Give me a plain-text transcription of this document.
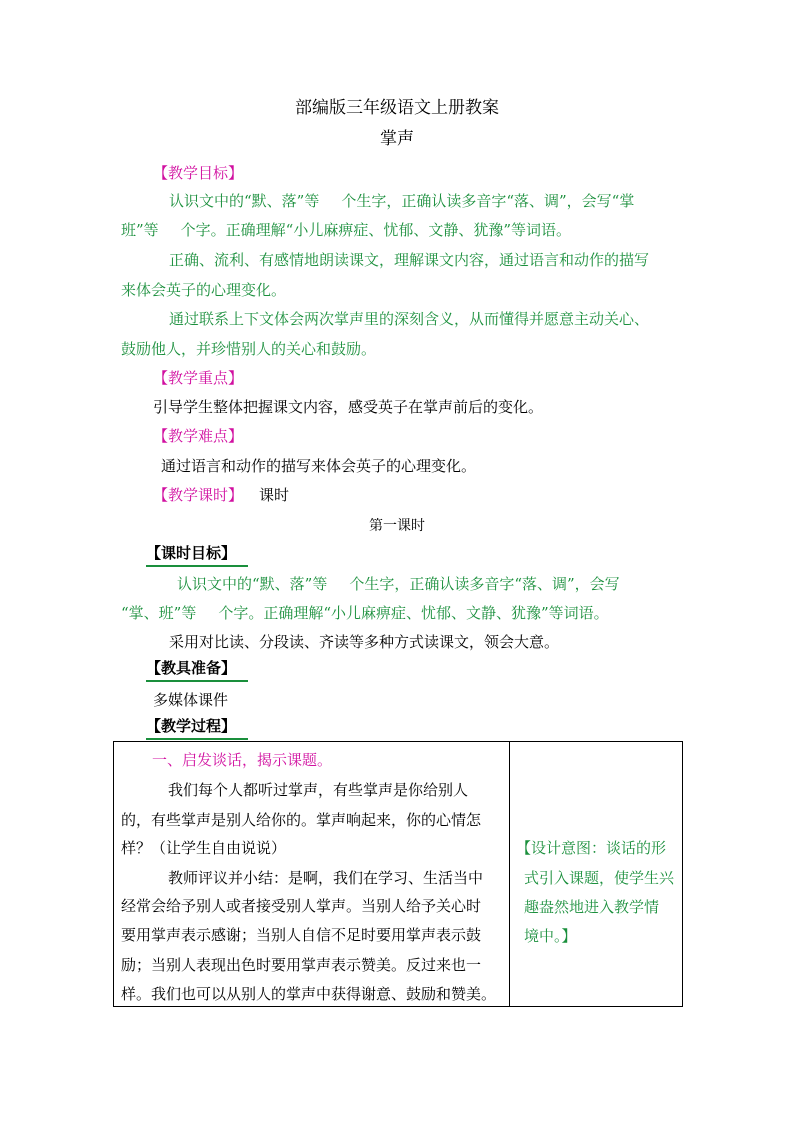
部编版三年级语文上册教案
掌声
【教学目标】
认识文中的“默、落”等 个生字，正确认读多音字“落、调”，会写“掌
班”等 个字。正确理解“小儿麻痹症、忧郁、文静、犹豫”等词语。
正确、流利、有感情地朗读课文，理解课文内容，通过语言和动作的描写
来体会英子的心理变化。
通过联系上下文体会两次掌声里的深刻含义，从而懂得并愿意主动关心、
鼓励他人，并珍惜别人的关心和鼓励。
【教学重点】
引导学生整体把握课文内容，感受英子在掌声前后的变化。
【教学难点】
通过语言和动作的描写来体会英子的心理变化。
【教学课时】 课时
第一课时
【课时目标】
认识文中的“默、落”等 个生字，正确认读多音字“落、调”，会写
“掌、班”等 个字。正确理解“小儿麻痹症、忧郁、文静、犹豫”等词语。
采用对比读、分段读、齐读等多种方式读课文，领会大意。
【教具准备】
多媒体课件
【教学过程】
一、启发谈话，揭示课题。
我们每个人都听过掌声，有些掌声是你给别人
的，有些掌声是别人给你的。掌声响起来，你的心情怎
样？（让学生自由说说）
教师评议并小结：是啊，我们在学习、生活当中
经常会给予别人或者接受别人掌声。当别人给予关心时
要用掌声表示感谢；当别人自信不足时要用掌声表示鼓
励；当别人表现出色时要用掌声表示赞美。反过来也一
样。我们也可以从别人的掌声中获得谢意、鼓励和赞美。

【设计意图：谈话的形
式引入课题，使学生兴
趣盎然地进入教学情
境中。】
